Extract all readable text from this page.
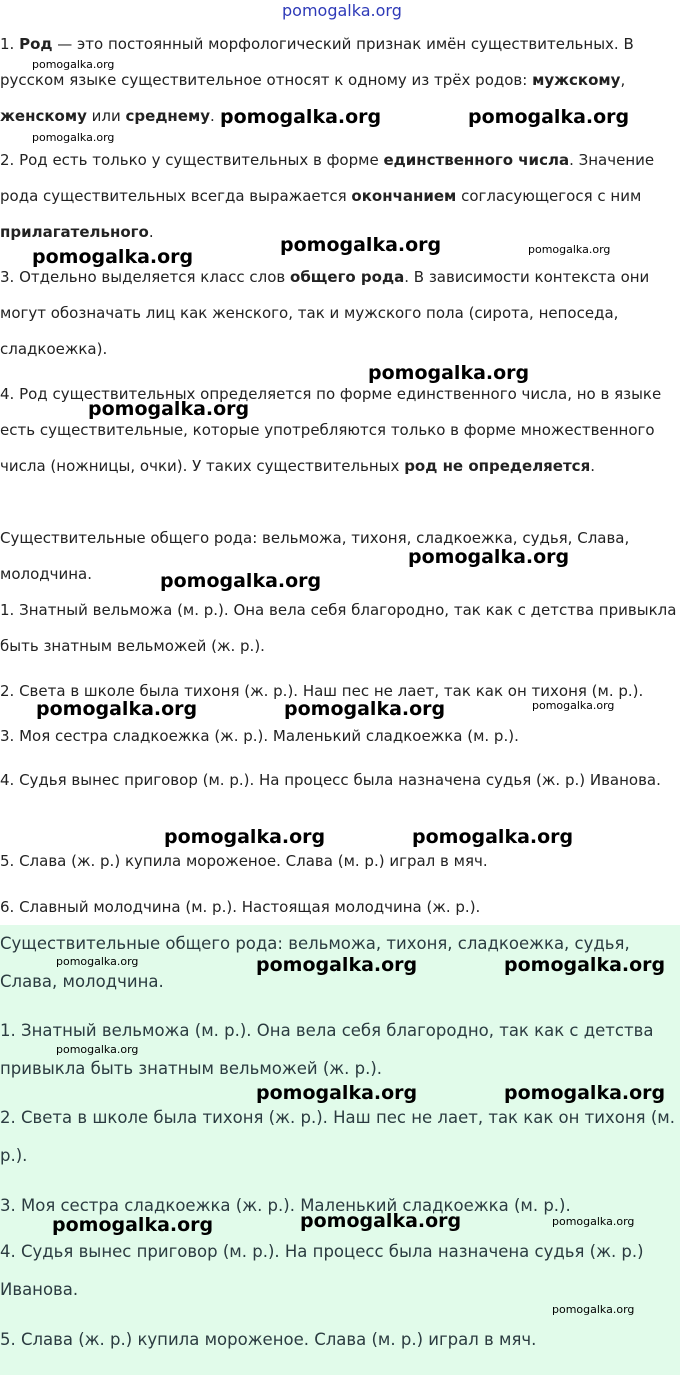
pomogalka.org

1. Род — это постоянный морфологический признак имён существительных. В русском языке существительное относят к одному из трёх родов: мужскому, женскому или среднему.

2. Род есть только у существительных в форме единственного числа. Значение рода существительных всегда выражается окончанием согласующегося с ним прилагательного.

3. Отдельно выделяется класс слов общего рода. В зависимости контекста они могут обозначать лиц как женского, так и мужского пола (сирота, непоседа, сладкоежка).

4. Род существительных определяется по форме единственного числа, но в языке есть существительные, которые употребляются только в форме множественного числа (ножницы, очки). У таких существительных род не определяется.

Существительные общего рода: вельможа, тихоня, сладкоежка, судья, Слава, молодчина.

1. Знатный вельможа (м. р.). Она вела себя благородно, так как с детства привыкла быть знатным вельможей (ж. р.).

2. Света в школе была тихоня (ж. р.). Наш пес не лает, так как он тихоня (м. р.).

3. Моя сестра сладкоежка (ж. р.). Маленький сладкоежка (м. р.).

4. Судья вынес приговор (м. р.). На процесс была назначена судья (ж. р.) Иванова.

5. Слава (ж. р.) купила мороженое. Слава (м. р.) играл в мяч.

6. Славный молодчина (м. р.). Настоящая молодчина (ж. р.).

Существительные общего рода: вельможа, тихоня, сладкоежка, судья, Слава, молодчина.

1. Знатный вельможа (м. р.). Она вела себя благородно, так как с детства привыкла быть знатным вельможей (ж. р.).

2. Света в школе была тихоня (ж. р.). Наш пес не лает, так как он тихоня (м. р.).

3. Моя сестра сладкоежка (ж. р.). Маленький сладкоежка (м. р.).

4. Судья вынес приговор (м. р.). На процесс была назначена судья (ж. р.) Иванова.

5. Слава (ж. р.) купила мороженое. Слава (м. р.) играл в мяч.

pomogalka.org
pomogalka.org	pomogalka.org
pomogalka.org
pomogalka.org	pomogalka.org
pomogalka.org
pomogalka.org
pomogalka.org
pomogalka.org
pomogalka.org
pomogalka.org	pomogalka.org	pomogalka.org
pomogalka.org	pomogalka.org
pomogalka.org	pomogalka.org	pomogalka.org
pomogalka.org
pomogalka.org	pomogalka.org
pomogalka.org	pomogalka.org
pomogalka.org
pomogalka.org
